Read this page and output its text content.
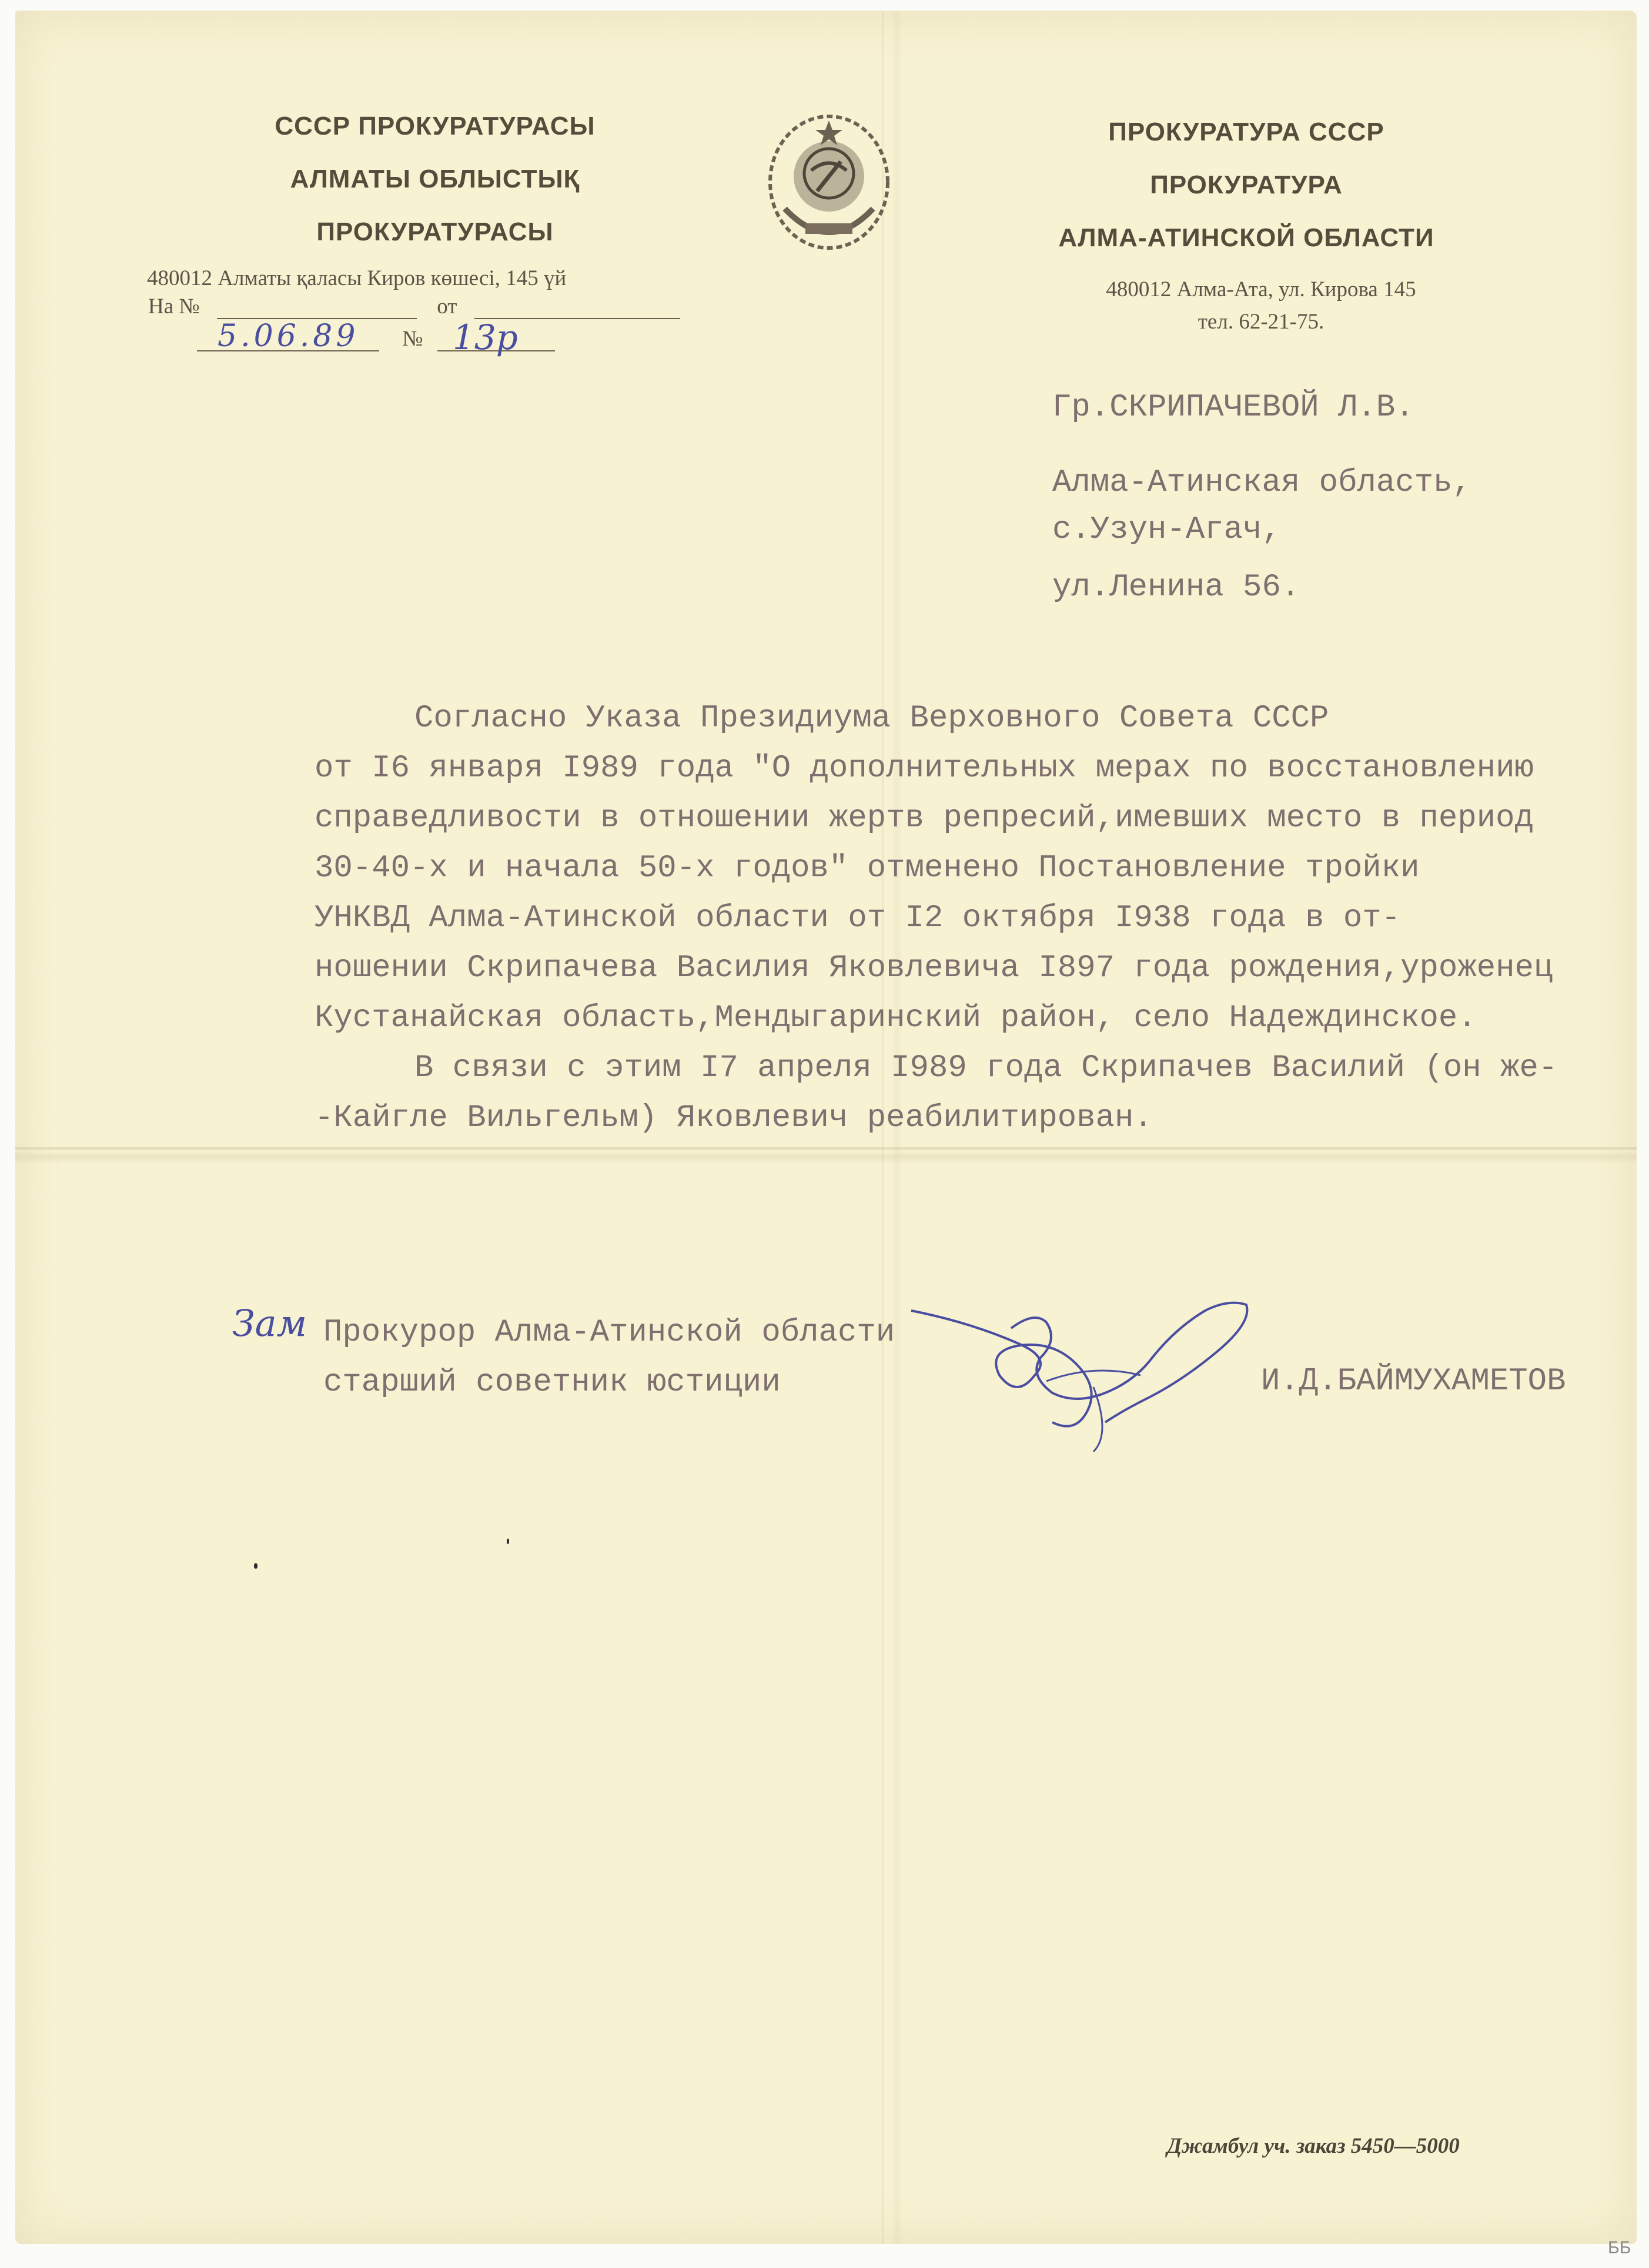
СССР ПРОКУРАТУРАСЫ
АЛМАТЫ ОБЛЫСТЫҚ
ПРОКУРАТУРАСЫ
ПРОКУРАТУРА СССР
ПРОКУРАТУРА
АЛМА-АТИНСКОЙ ОБЛАСТИ
480012 Алматы қаласы Киров көшесі, 145 үй
На №	от
№
5.06.89	13р
480012 Алма-Ата, ул. Кирова 145
тел. 62-21-75.
Гр.СКРИПАЧЕВОЙ Л.В.
Алма-Атинская область,
с.Узун-Агач,
ул.Ленина 56.
Согласно Указа Президиума Верховного Совета СССР
от I6 января I989 года "О дополнительных мерах по восстановлению
справедливости в отношении жертв репресий,имевших место в период
30-40-х и начала 50-х годов" отменено Постановление тройки
УНКВД Алма-Атинской области от I2 октября I938 года в от-
ношении Скрипачева Василия Яковлевича I897 года рождения,уроженец
Кустанайская область,Мендыгаринский район, село Надеждинское.
В связи с этим I7 апреля I989 года Скрипачев Василий (он же-
-Кайгле Вильгельм) Яковлевич реабилитирован.
Зам Прокурор Алма-Атинской области
старший советник юстиции	И.Д.БАЙМУХАМЕТОВ
Джамбул уч. заказ 5450—5000
ББ
